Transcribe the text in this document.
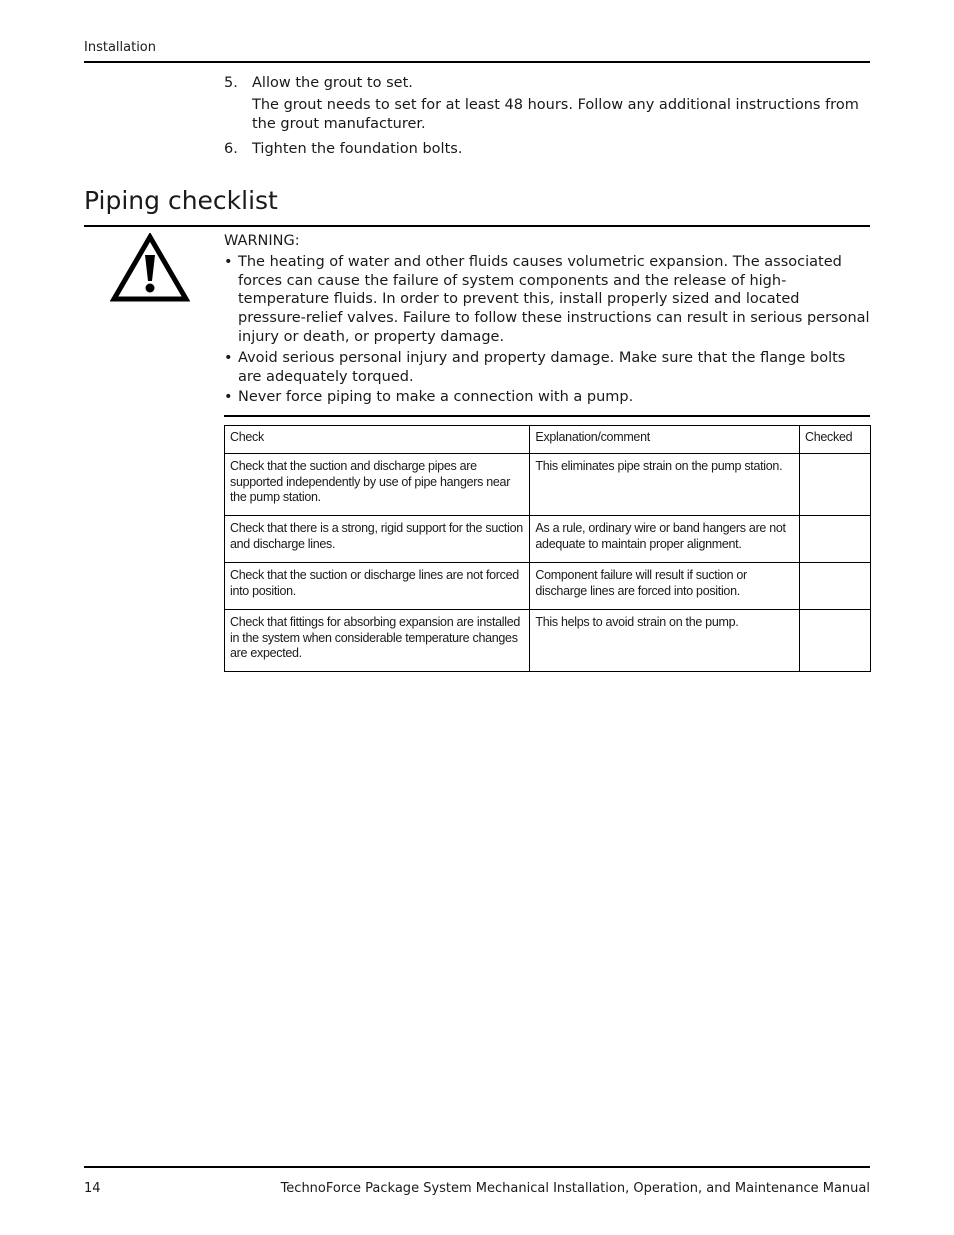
Installation
5. Allow the grout to set.
The grout needs to set for at least 48 hours. Follow any additional instructions from the grout manufacturer.
6. Tighten the foundation bolts.
Piping checklist
WARNING:
• The heating of water and other fluids causes volumetric expansion. The associated forces can cause the failure of system components and the release of high-temperature fluids. In order to prevent this, install properly sized and located pressure-relief valves. Failure to follow these instructions can result in serious personal injury or death, or property damage.
• Avoid serious personal injury and property damage. Make sure that the flange bolts are adequately torqued.
• Never force piping to make a connection with a pump.
Check	Explanation/comment	Checked
Check that the suction and discharge pipes are supported independently by use of pipe hangers near the pump station.	This eliminates pipe strain on the pump station.	
Check that there is a strong, rigid support for the suction and discharge lines.	As a rule, ordinary wire or band hangers are not adequate to maintain proper alignment.	
Check that the suction or discharge lines are not forced into position.	Component failure will result if suction or discharge lines are forced into position.	
Check that fittings for absorbing expansion are installed in the system when considerable temperature changes are expected.	This helps to avoid strain on the pump.	
14	TechnoForce Package System Mechanical Installation, Operation, and Maintenance Manual
